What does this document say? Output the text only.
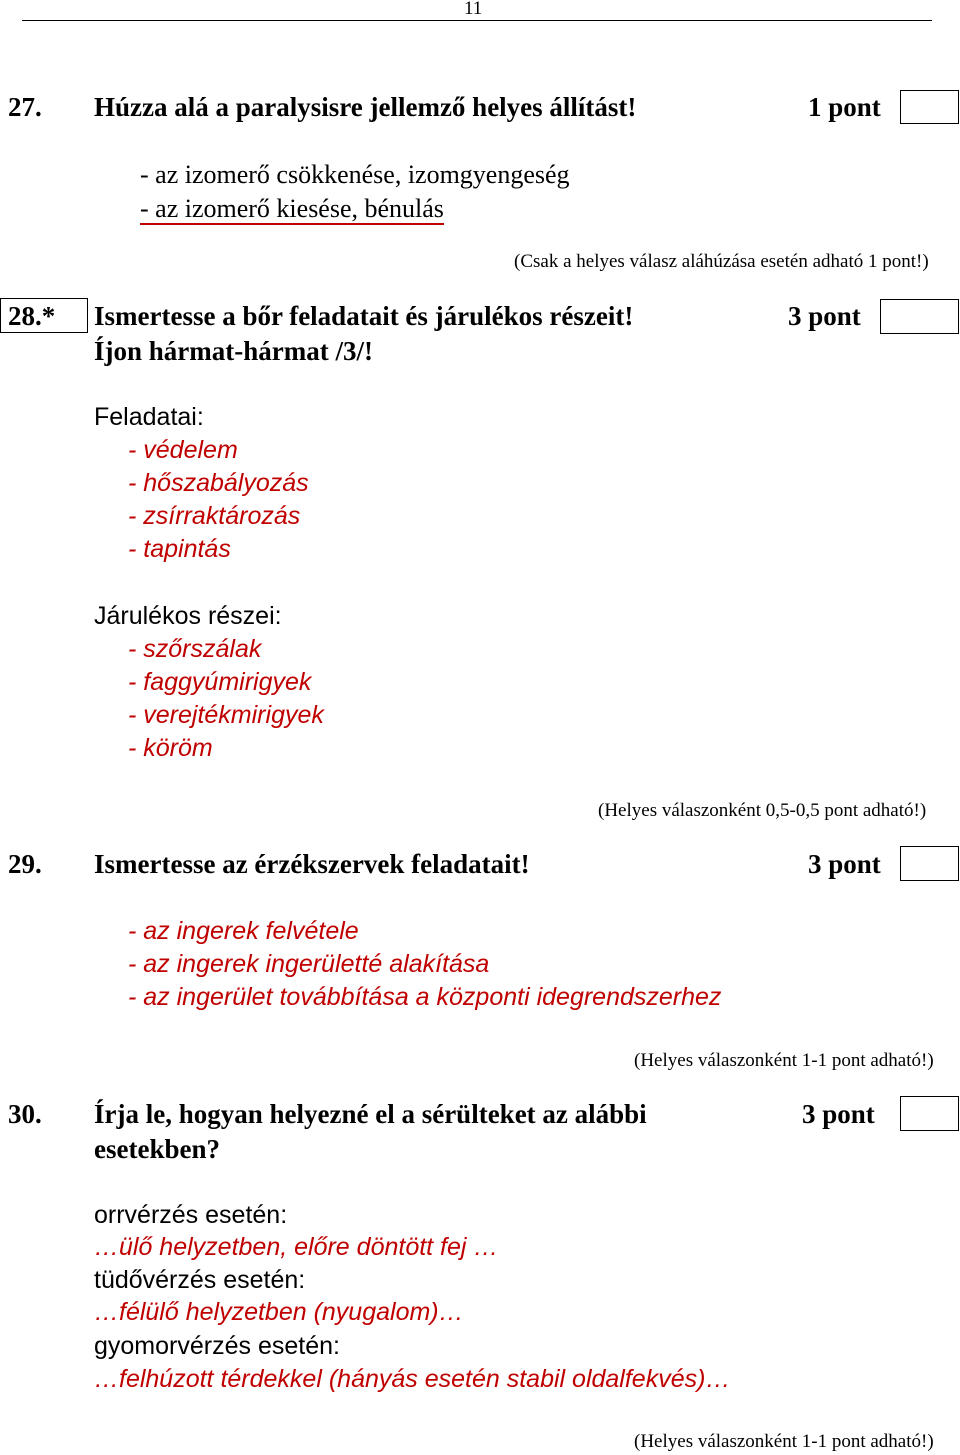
11
27. Húzza alá a paralysisre jellemző helyes állítást!	1 pont
- az izomerő csökkenése, izomgyengeség
- az izomerő kiesése, bénulás
(Csak a helyes válasz aláhúzása esetén adható 1 pont!)
28.* Ismertesse a bőr feladatait és járulékos részeit!	3 pont
Íjon hármat-hármat /3/!
Feladatai:
- védelem
- hőszabályozás
- zsírraktározás
- tapintás
Járulékos részei:
- szőrszálak
- faggyúmirigyek
- verejtékmirigyek
- köröm
(Helyes válaszonként 0,5-0,5 pont adható!)
29. Ismertesse az érzékszervek feladatait!	3 pont
- az ingerek felvétele
- az ingerek ingerületté alakítása
- az ingerület továbbítása a központi idegrendszerhez
(Helyes válaszonként 1-1 pont adható!)
30. Írja le, hogyan helyezné el a sérülteket az alábbi	3 pont
esetekben?
orrvérzés esetén:
…ülő helyzetben, előre döntött fej …
tüdővérzés esetén:
…félülő helyzetben (nyugalom)…
gyomorvérzés esetén:
…felhúzott térdekkel (hányás esetén stabil oldalfekvés)…
(Helyes válaszonként 1-1 pont adható!)
